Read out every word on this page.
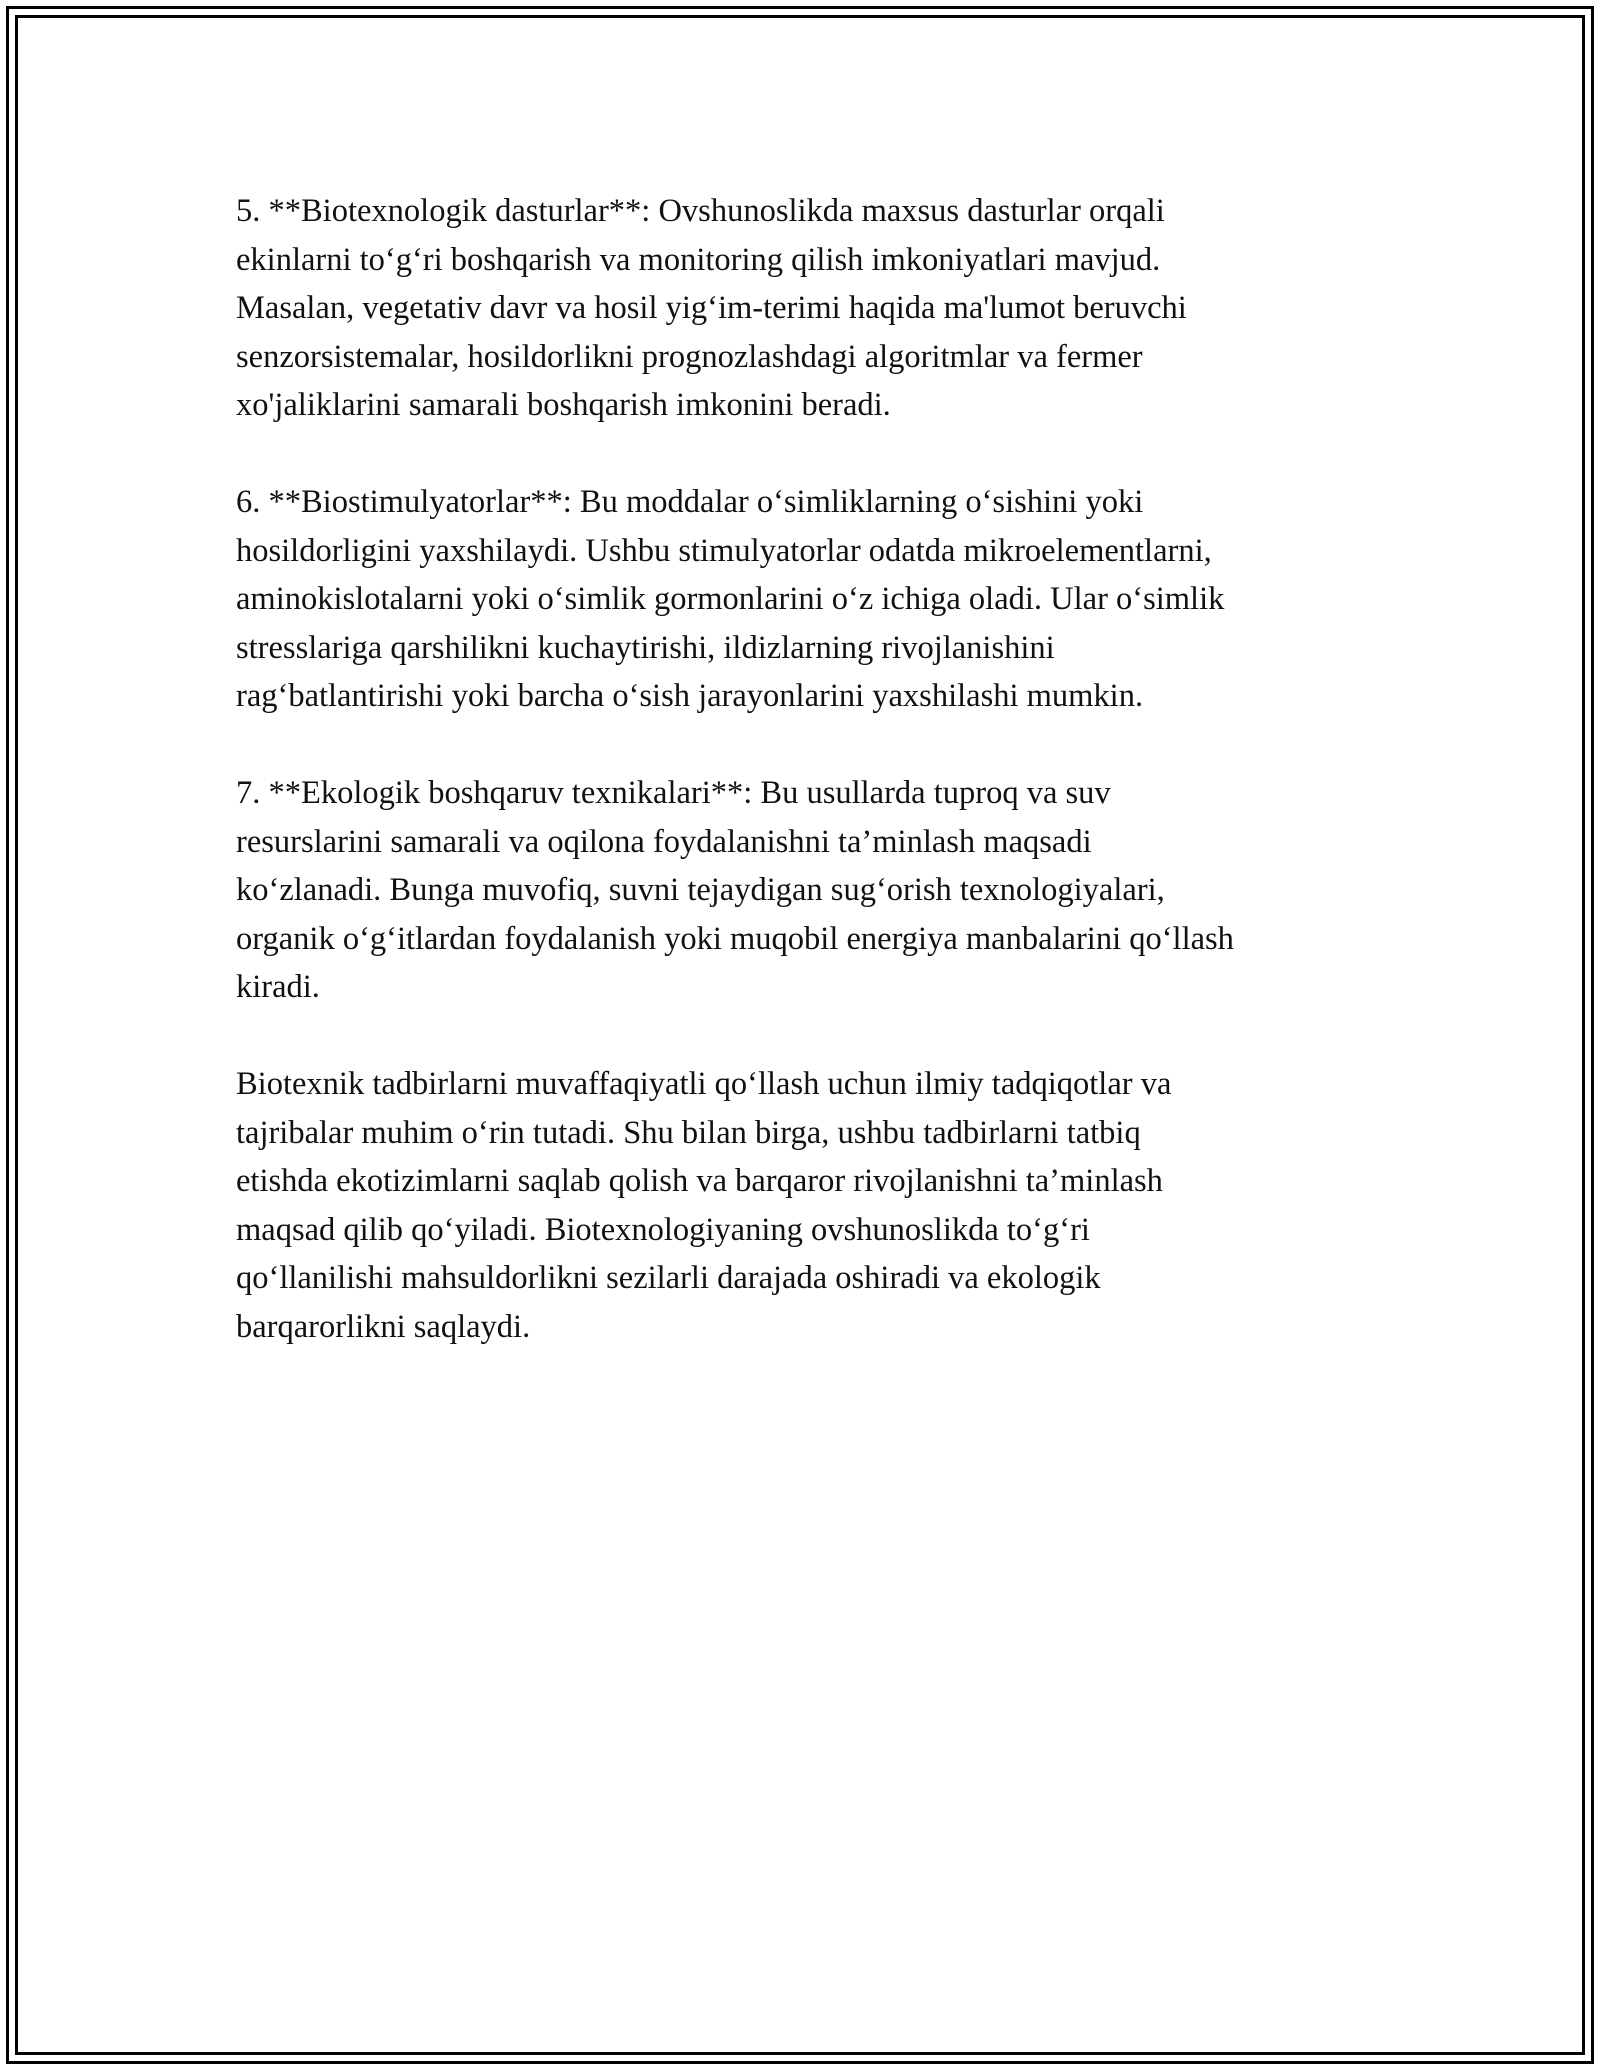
5. **Biotexnologik dasturlar**: Ovshunoslikda maxsus dasturlar orqali
ekinlarni to‘g‘ri boshqarish va monitoring qilish imkoniyatlari mavjud.
Masalan, vegetativ davr va hosil yig‘im-terimi haqida ma'lumot beruvchi
senzorsistemalar, hosildorlikni prognozlashdagi algoritmlar va fermer
xo'jaliklarini samarali boshqarish imkonini beradi.

6. **Biostimulyatorlar**: Bu moddalar o‘simliklarning o‘sishini yoki
hosildorligini yaxshilaydi. Ushbu stimulyatorlar odatda mikroelementlarni,
aminokislotalarni yoki o‘simlik gormonlarini o‘z ichiga oladi. Ular o‘simlik
stresslariga qarshilikni kuchaytirishi, ildizlarning rivojlanishini
rag‘batlantirishi yoki barcha o‘sish jarayonlarini yaxshilashi mumkin.

7. **Ekologik boshqaruv texnikalari**: Bu usullarda tuproq va suv
resurslarini samarali va oqilona foydalanishni ta’minlash maqsadi
ko‘zlanadi. Bunga muvofiq, suvni tejaydigan sug‘orish texnologiyalari,
organik o‘g‘itlardan foydalanish yoki muqobil energiya manbalarini qo‘llash
kiradi.

Biotexnik tadbirlarni muvaffaqiyatli qo‘llash uchun ilmiy tadqiqotlar va
tajribalar muhim o‘rin tutadi. Shu bilan birga, ushbu tadbirlarni tatbiq
etishda ekotizimlarni saqlab qolish va barqaror rivojlanishni ta’minlash
maqsad qilib qo‘yiladi. Biotexnologiyaning ovshunoslikda to‘g‘ri
qo‘llanilishi mahsuldorlikni sezilarli darajada oshiradi va ekologik
barqarorlikni saqlaydi.
